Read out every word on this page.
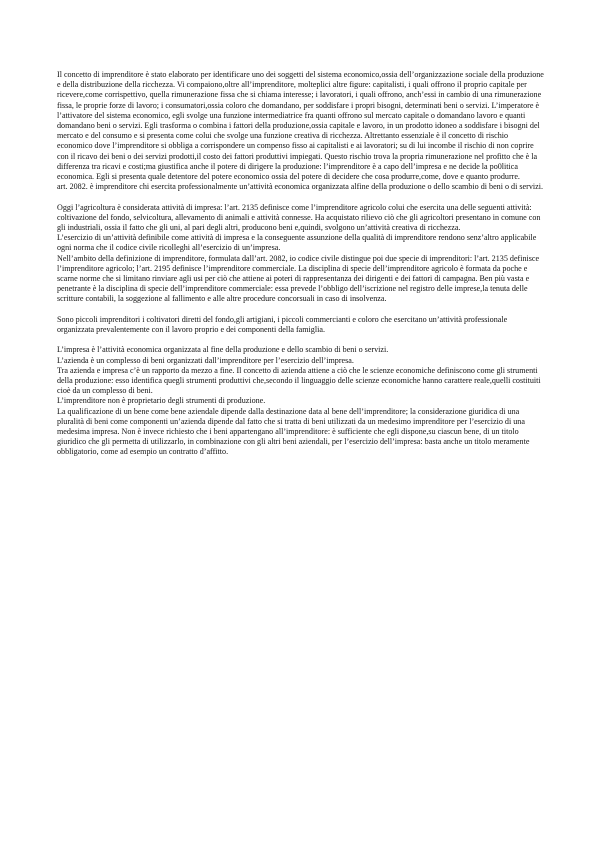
Il concetto di imprenditore è stato elaborato per identificare uno dei soggetti del sistema economico,ossia dell’organizzazione sociale della produzione e della distribuzione della ricchezza. Vi compaiono,oltre all’imprenditore, molteplici altre figure: capitalisti, i quali offrono il proprio capitale per ricevere,come corrispettivo, quella rimunerazione fissa che si chiama interesse; i lavoratori, i quali offrono, anch’essi in cambio di una rimunerazione fissa, le proprie forze di lavoro; i consumatori,ossia coloro che domandano, per soddisfare i propri bisogni, determinati beni o servizi. L’imperatore è l’attivatore del sistema economico, egli svolge una funzione intermediatrice fra quanti offrono sul mercato capitale o domandano lavoro e quanti domandano beni o servizi. Egli trasforma o combina i fattori della produzione,ossia capitale e lavoro, in un prodotto idoneo a soddisfare i bisogni del mercato e del consumo e si presenta come colui che svolge una funzione creativa di ricchezza. Altrettanto essenziale è il concetto di rischio economico dove l’imprenditore si obbliga a corrispondere un compenso fisso ai capitalisti e ai lavoratori; su di lui incombe il rischio di non coprire con il ricavo dei beni o dei servizi prodotti,il costo dei fattori produttivi impiegati. Questo rischio trova la propria rimunerazione nel profitto che è la differenza tra ricavi e costi;ma giustifica anche il potere di dirigere la produzione: l’imprenditore è a capo dell’impresa e ne decide la po0litica economica. Egli si presenta quale detentore del potere economico ossia del potere di decidere che cosa produrre,come, dove e quanto produrre.

art. 2082. è imprenditore chi esercita professionalmente un’attività economica organizzata alfine della produzione o dello scambio di beni o di servizi.

Oggi l’agricoltura è considerata attività di impresa: l’art. 2135 definisce come l’imprenditore agricolo colui che esercita una delle seguenti attività: coltivazione del fondo, selvicoltura, allevamento di animali e attività connesse. Ha acquistato rilievo ciò che gli agricoltori presentano in comune con gli industriali, ossia il fatto che gli uni, al pari degli altri, producono beni e,quindi, svolgono un’attività creativa di ricchezza.

L’esercizio di un’attività definibile come attività di impresa e la conseguente assunzione della qualità di imprenditore rendono senz’altro applicabile ogni norma che il codice civile ricolleghi all’esercizio di un’impresa.

Nell’ambito della definizione di imprenditore, formulata dall’art. 2082, io codice civile distingue poi due specie di imprenditori: l’art. 2135 definisce l’imprenditore agricolo; l’art. 2195 definisce l’imprenditore commerciale. La disciplina di specie dell’imprenditore agricolo è formata da poche e scarne norme che si limitano rinviare agli usi per ciò che attiene ai poteri di rappresentanza dei dirigenti e dei fattori di campagna. Ben più vasta e penetrante è la disciplina di specie dell’imprenditore commerciale: essa prevede l’obbligo dell’iscrizione nel registro delle imprese,la tenuta delle scritture contabili, la soggezione al fallimento e alle altre procedure concorsuali in caso di insolvenza.

Sono piccoli imprenditori i coltivatori diretti del fondo,gli artigiani, i piccoli commercianti e coloro che esercitano un’attività professionale organizzata prevalentemente con il lavoro proprio e dei componenti della famiglia.

L’impresa è l’attività economica organizzata al fine della produzione e dello scambio di beni o servizi.

L’azienda è un complesso di beni organizzati dall’imprenditore per l’esercizio dell’impresa.

Tra azienda e impresa c’è un rapporto da mezzo a fine. Il concetto di azienda attiene a ciò che le scienze economiche definiscono come gli strumenti della produzione: esso identifica quegli strumenti produttivi che,secondo il linguaggio delle scienze economiche hanno carattere reale,quelli costituiti cioè da un complesso di beni.

L’imprenditore non è proprietario degli strumenti di produzione.

La qualificazione di un bene come bene aziendale dipende dalla destinazione data al bene dell’imprenditore; la considerazione giuridica di una pluralità di beni come componenti un’azienda dipende dal fatto che si tratta di beni utilizzati da un medesimo imprenditore per l’esercizio di una medesima impresa. Non è invece richiesto che i beni appartengano all’imprenditore: è sufficiente che egli dispone,su ciascun bene, di un titolo giuridico che gli permetta di utilizzarlo, in combinazione con gli altri beni aziendali, per l’esercizio dell’impresa: basta anche un titolo meramente obbligatorio, come ad esempio un contratto d’affitto.
